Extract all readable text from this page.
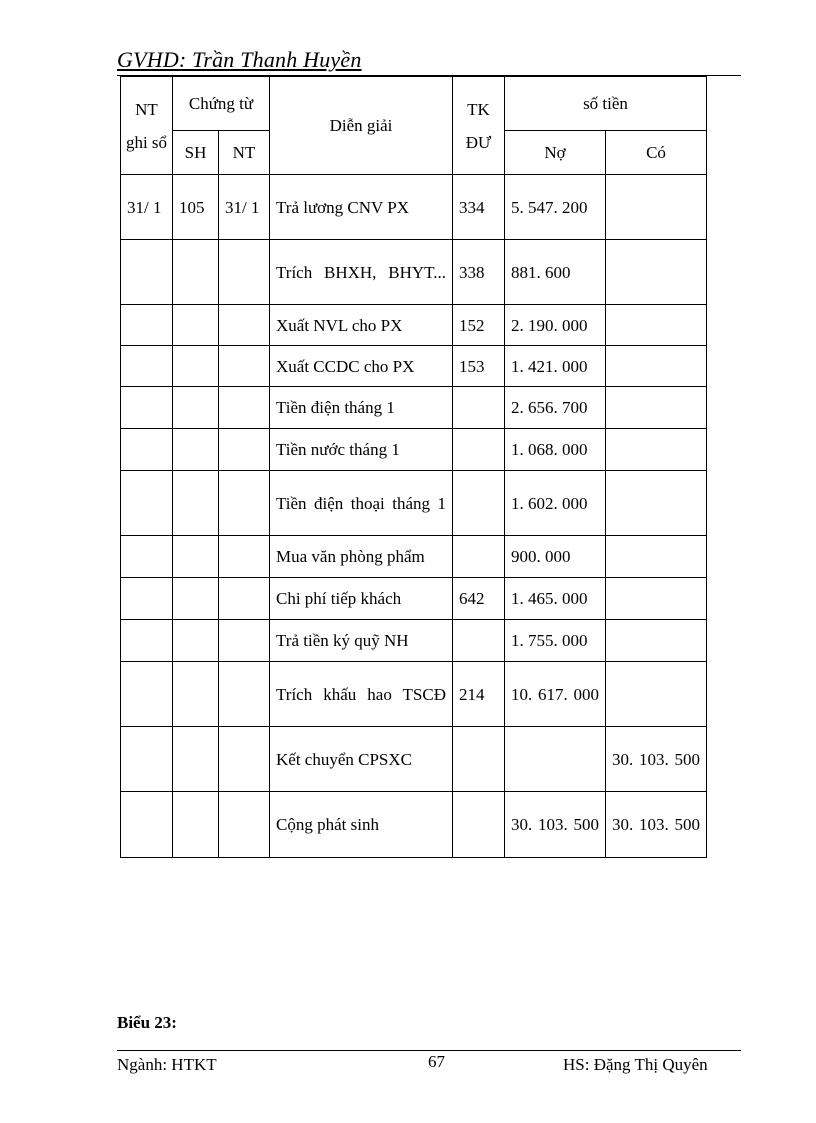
GVHD: Trần Thanh Huyền
NT ghi sổ	Chứng từ		Diễn giải	TK ĐƯ	số tiền	
	SH	NT			Nợ	Có
31/ 1	105	31/ 1	Trả lương CNV PX	334	5. 547. 200	
			Trích BHXH, BHYT...	338	881. 600	
			Xuất NVL cho PX	152	2. 190. 000	
			Xuất CCDC cho PX	153	1. 421. 000	
			Tiền điện tháng 1		2. 656. 700	
			Tiền nước tháng 1		1. 068. 000	
			Tiền điện thoại tháng 1		1. 602. 000	
			Mua văn phòng phẩm		900. 000	
			Chi phí tiếp khách	642	1. 465. 000	
			Trả tiền ký quỹ NH		1. 755. 000	
			Trích khấu hao TSCĐ	214	10. 617. 000	
			Kết chuyển CPSXC			30. 103. 500
			Cộng phát sinh		30. 103. 500	30. 103. 500
Biểu 23:
Ngành: HTKT	67	HS: Đặng Thị Quyên
